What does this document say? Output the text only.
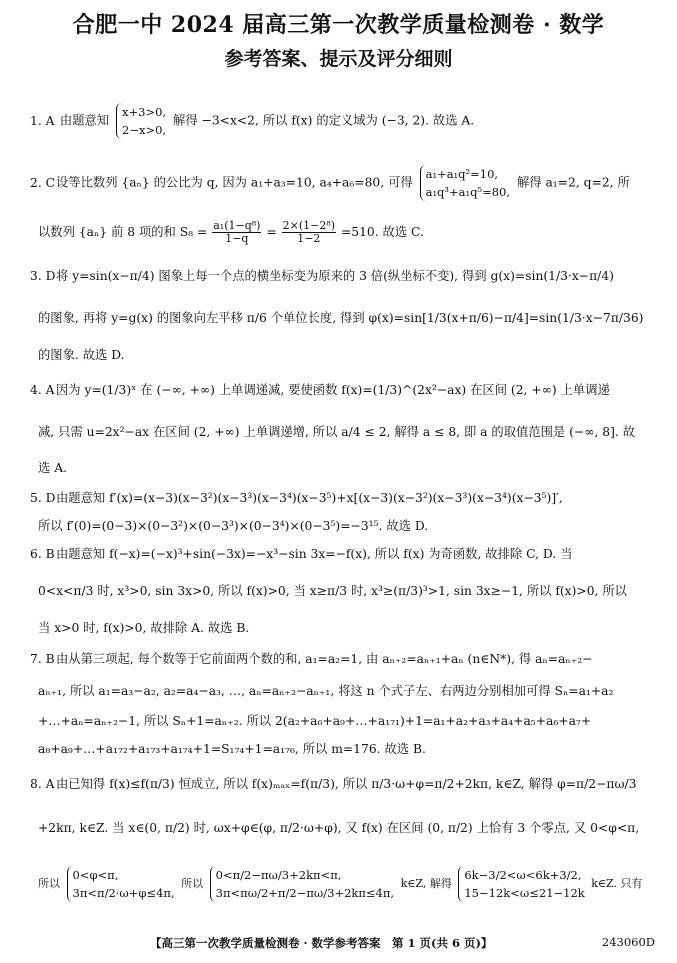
合肥一中 2024 届高三第一次教学质量检测卷 · 数学
参考答案、提示及评分细则
1. A 由题意知
x+3>0,
2−x>0,
解得 −3<x<2, 所以 f(x) 的定义域为 (−3, 2). 故选 A.
2. C设等比数列 {aₙ} 的公比为 q, 因为 a₁+a₃=10, a₄+a₆=80, 可得
a₁+a₁q²=10,
a₁q³+a₁q⁵=80,
解得 a₁=2, q=2, 所
以数列 {aₙ} 前 8 项的和 $S_8 = \frac{\text{a₁(1−q⁸)}}{1-q} = \frac{\text{2×(1−2⁸)}}{1-2} =510$. 故选 C.
3. D将 y=sin(x−π/4) 图象上每一个点的横坐标变为原来的 3 倍(纵坐标不变), 得到 g(x)=sin(1/3·x−π/4)
的图象, 再将 y=g(x) 的图象向左平移 π/6 个单位长度, 得到 φ(x)=sin[1/3(x+π/6)−π/4]=sin(1/3·x−7π/36)
的图象. 故选 D.
4. A因为 y=(1/3)ˣ 在 (−∞, +∞) 上单调递减, 要使函数 f(x)=(1/3)^(2x²−ax) 在区间 (2, +∞) 上单调递
减, 只需 u=2x²−ax 在区间 (2, +∞) 上单调递增, 所以 a/4 ≤ 2, 解得 a ≤ 8, 即 a 的取值范围是 (−∞, 8]. 故
选 A.
5. D由题意知 f′(x)=(x−3)(x−3²)(x−3³)(x−3⁴)(x−3⁵)+x[(x−3)(x−3²)(x−3³)(x−3⁴)(x−3⁵)]′,
所以 f′(0)=(0−3)×(0−3²)×(0−3³)×(0−3⁴)×(0−3⁵)=−3¹⁵. 故选 D.
6. B由题意知 f(−x)=(−x)³+sin(−3x)=−x³−sin 3x=−f(x), 所以 f(x) 为奇函数, 故排除 C, D. 当
0<x<π/3 时, x³>0, sin 3x>0, 所以 f(x)>0, 当 x≥π/3 时, x³≥(π/3)³>1, sin 3x≥−1, 所以 f(x)>0, 所以
当 x>0 时, f(x)>0, 故排除 A. 故选 B.
7. B由从第三项起, 每个数等于它前面两个数的和, a₁=a₂=1, 由 aₙ₊₂=aₙ₊₁+aₙ (n∈N*), 得 aₙ=aₙ₊₂−
aₙ₊₁, 所以 a₁=a₃−a₂, a₂=a₄−a₃, …, aₙ=aₙ₊₂−aₙ₊₁, 将这 n 个式子左、右两边分别相加可得 Sₙ=a₁+a₂
+…+aₙ=aₙ₊₂−1, 所以 Sₙ+1=aₙ₊₂. 所以 2(a₂+a₆+a₉+…+a₁₇₁)+1=a₁+a₂+a₃+a₄+a₅+a₆+a₇+
a₈+a₉+…+a₁₇₂+a₁₇₃+a₁₇₄+1=S₁₇₄+1=a₁₇₆, 所以 m=176. 故选 B.
8. A由已知得 f(x)≤f(π/3) 恒成立, 所以 f(x)ₘₐₓ=f(π/3), 所以 π/3·ω+φ=π/2+2kπ, k∈Z, 解得 φ=π/2−πω/3
+2kπ, k∈Z. 当 x∈(0, π/2) 时, ωx+φ∈(φ, π/2·ω+φ), 又 f(x) 在区间 (0, π/2) 上恰有 3 个零点, 又 0<φ<π,
所以
0<φ<π,
3π<π/2·ω+φ≤4π,
所以
0<π/2−πω/3+2kπ<π,
3π<πω/2+π/2−πω/3+2kπ≤4π,
k∈Z, 解得
6k−3/2<ω<6k+3/2,
15−12k<ω≤21−12k
k∈Z. 只有
【高三第一次教学质量检测卷 · 数学参考答案　第 1 页(共 6 页)】	243060D
